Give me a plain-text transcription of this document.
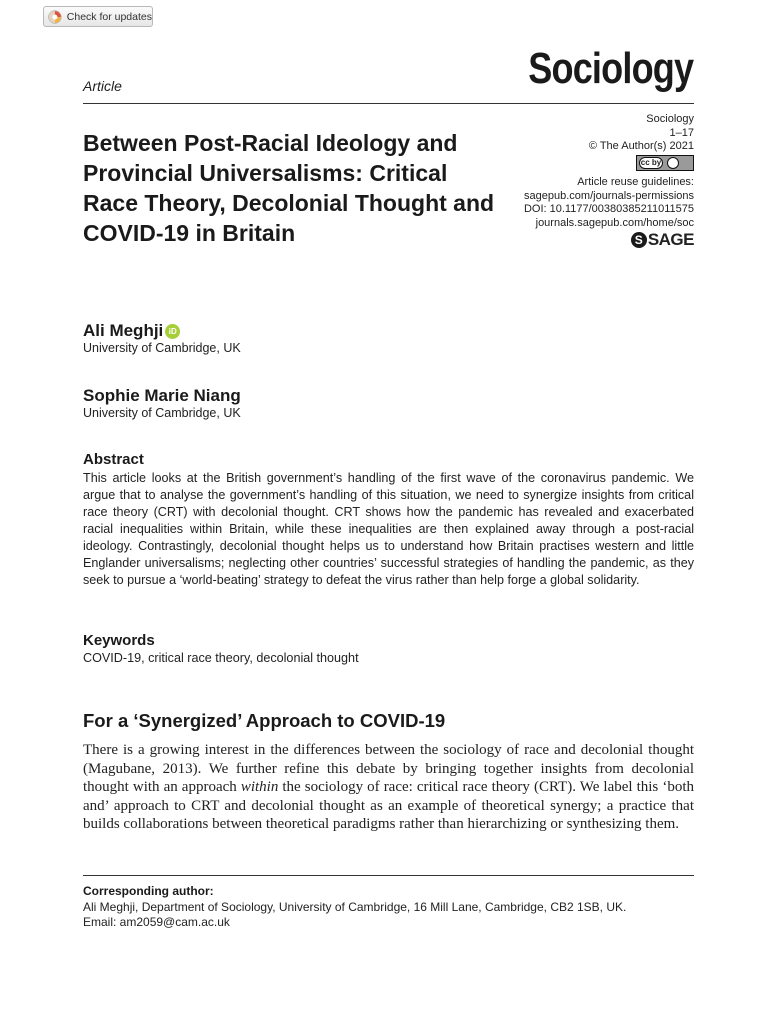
Check for updates
Article	Sociology
Between Post-Racial Ideology and Provincial Universalisms: Critical Race Theory, Decolonial Thought and COVID-19 in Britain
Sociology
1–17
© The Author(s) 2021
cc by
Article reuse guidelines:
sagepub.com/journals-permissions
DOI: 10.1177/00380385211011575
journals.sagepub.com/home/soc
S SAGE
Ali Meghji iD
University of Cambridge, UK
Sophie Marie Niang
University of Cambridge, UK
Abstract

This article looks at the British government’s handling of the first wave of the coronavirus pandemic. We argue that to analyse the government’s handling of this situation, we need to synergize insights from critical race theory (CRT) with decolonial thought. CRT shows how the pandemic has revealed and exacerbated racial inequalities within Britain, while these inequalities are then explained away through a post-racial ideology. Contrastingly, decolonial thought helps us to understand how Britain practises western and little Englander universalisms; neglecting other countries’ successful strategies of handling the pandemic, as they seek to pursue a ‘world-beating’ strategy to defeat the virus rather than help forge a global solidarity.

Keywords
COVID-19, critical race theory, decolonial thought
For a ‘Synergized’ Approach to COVID-19

There is a growing interest in the differences between the sociology of race and decolonial thought (Magubane, 2013). We further refine this debate by bringing together insights from decolonial thought with an approach within the sociology of race: critical race theory (CRT). We label this ‘both and’ approach to CRT and decolonial thought as an example of theoretical synergy; a practice that builds collaborations between theoretical paradigms rather than hierarchizing or synthesizing them.

Corresponding author:
Ali Meghji, Department of Sociology, University of Cambridge, 16 Mill Lane, Cambridge, CB2 1SB, UK.
Email: am2059@cam.ac.uk
